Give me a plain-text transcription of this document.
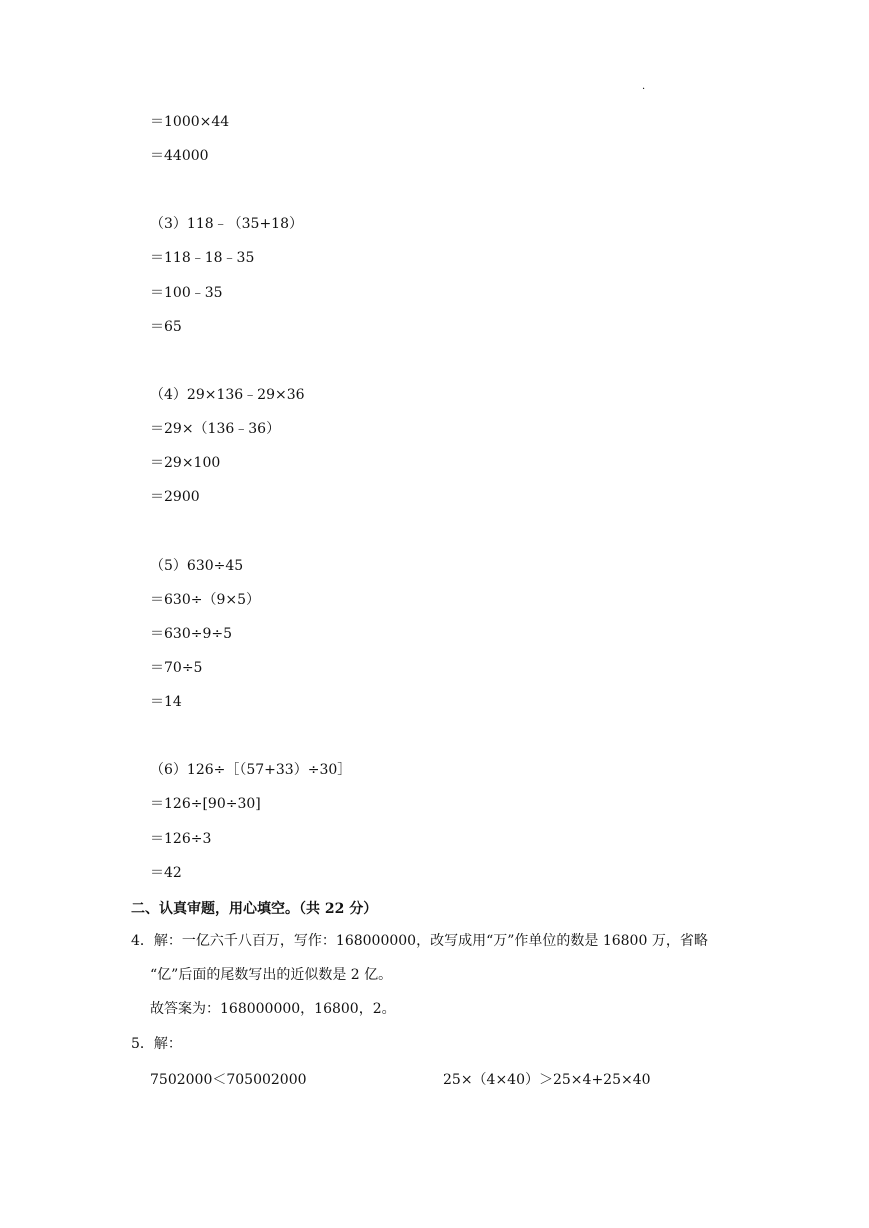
·
＝1000×44
＝44000
（3）118﹣（35+18）
＝118﹣18﹣35
＝100﹣35
＝65
（4）29×136﹣29×36
＝29×（136﹣36）
＝29×100
＝2900
（5）630÷45
＝630÷（9×5）
＝630÷9÷5
＝70÷5
＝14
（6）126÷［（57+33）÷30］
＝126÷[90÷30]
＝126÷3
＝42
二、认真审题，用心填空。（共 22 分）
4．解：一亿六千八百万，写作：168000000，改写成用“万”作单位的数是 16800 万，省略
“亿”后面的尾数写出的近似数是 2 亿。
故答案为：168000000，16800，2。
5．解：
7502000＜705002000	25×（4×40）＞25×4+25×40
